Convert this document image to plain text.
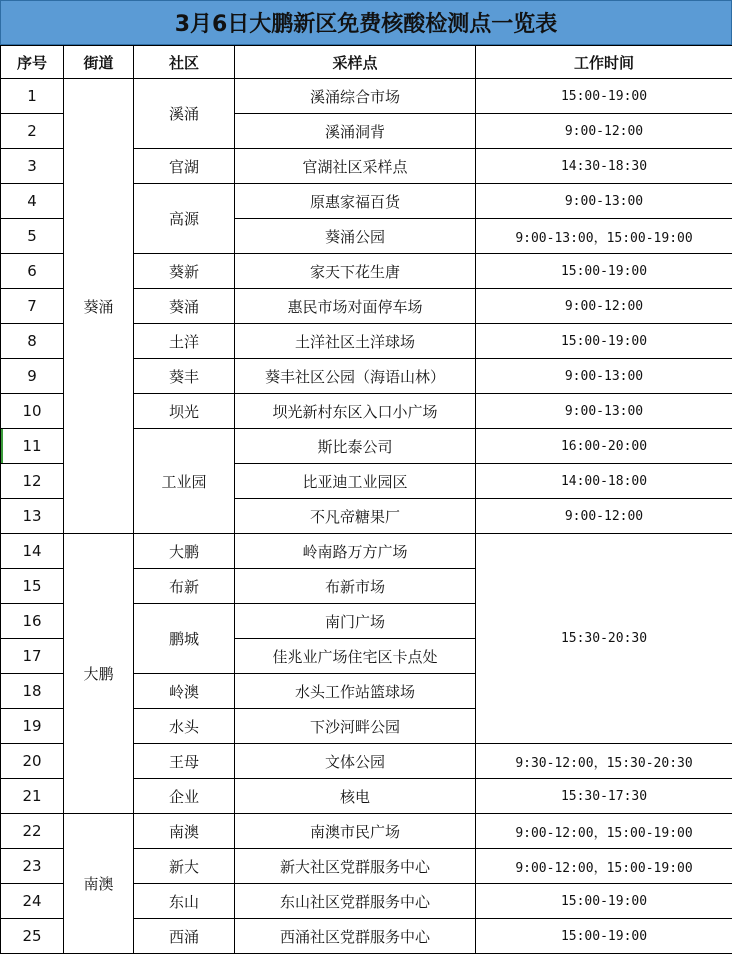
3月6日大鹏新区免费核酸检测点一览表
序号	街道	社区	采样点	工作时间
1	葵涌	溪涌	溪涌综合市场	15:00-19:00
2			溪涌洞背	9:00-12:00
3		官湖	官湖社区采样点	14:30-18:30
4		高源	原惠家福百货	9:00-13:00
5			葵涌公园	9:00-13:00，15:00-19:00
6		葵新	家天下花生唐	15:00-19:00
7		葵涌	惠民市场对面停车场	9:00-12:00
8		土洋	土洋社区土洋球场	15:00-19:00
9		葵丰	葵丰社区公园（海语山林）	9:00-13:00
10		坝光	坝光新村东区入口小广场	9:00-13:00
11		工业园	斯比泰公司	16:00-20:00
12			比亚迪工业园区	14:00-18:00
13			不凡帝糖果厂	9:00-12:00
14	大鹏	大鹏	岭南路万方广场	15:30-20:30
15		布新	布新市场	
16		鹏城	南门广场	
17			佳兆业广场住宅区卡点处	
18		岭澳	水头工作站篮球场	
19		水头	下沙河畔公园	
20		王母	文体公园	9:30-12:00，15:30-20:30
21		企业	核电	15:30-17:30
22	南澳	南澳	南澳市民广场	9:00-12:00，15:00-19:00
23		新大	新大社区党群服务中心	9:00-12:00，15:00-19:00
24		东山	东山社区党群服务中心	15:00-19:00
25		西涌	西涌社区党群服务中心	15:00-19:00
